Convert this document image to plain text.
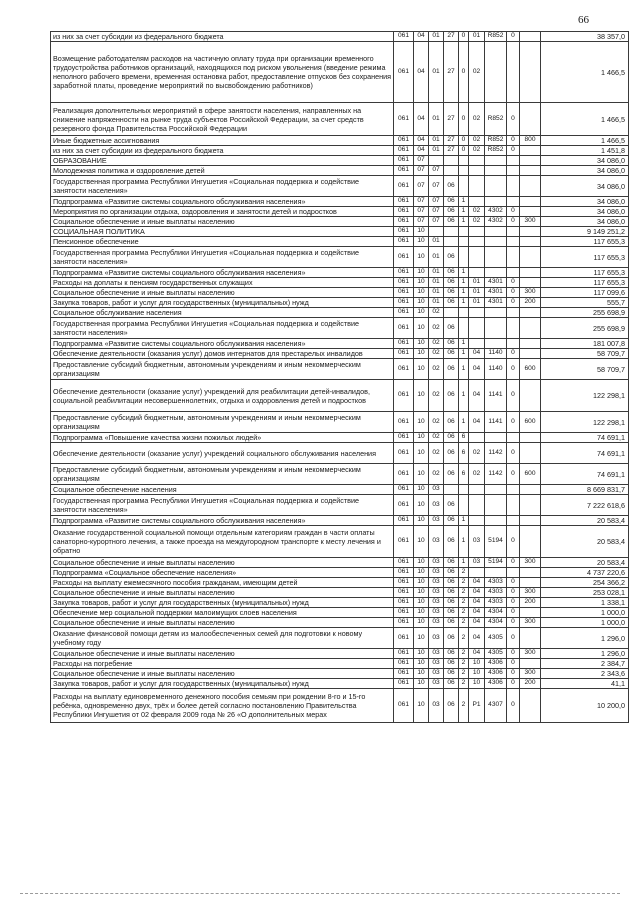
66
из них за счет субсидии из федерального бюджета	061	04	01	27	0	01	R852	0		38 357,0
Возмещение работодателям расходов на частичную оплату труда при организации временного трудоустройства работников организаций, находящихся под риском увольнения (введение режима неполного рабочего времени, временная остановка работ, предоставление отпусков без сохранения заработной платы, проведение мероприятий по высвобождению работников)	061	04	01	27	0	02				1 466,5
Реализация дополнительных мероприятий в сфере занятости населения, направленных на снижение напряженности на рынке труда субъектов Российской Федерации, за счет средств резервного фонда Правительства Российской Федерации	061	04	01	27	0	02	R852	0		1 466,5
Иные бюджетные ассигнования	061	04	01	27	0	02	R852	0	800	1 466,5
из них за счет субсидии из федерального бюджета	061	04	01	27	0	02	R852	0		1 451,8
ОБРАЗОВАНИЕ	061	07								34 086,0
Молодежная политика и оздоровление детей	061	07	07							34 086,0
Государственная программа Республики Ингушетия «Социальная поддержка и содействие занятости населения»	061	07	07	06						34 086,0
Подпрограмма «Развитие системы социального обслуживания населения»	061	07	07	06	1					34 086,0
Мероприятия по организации отдыха, оздоровления и занятости детей и подростков	061	07	07	06	1	02	4302	0		34 086,0
Социальное обеспечение и иные выплаты населению	061	07	07	06	1	02	4302	0	300	34 086,0
СОЦИАЛЬНАЯ ПОЛИТИКА	061	10								9 149 251,2
Пенсионное обеспечение	061	10	01							117 655,3
Государственная программа Республики Ингушетия «Социальная поддержка и содействие занятости населения»	061	10	01	06						117 655,3
Подпрограмма «Развитие системы социального обслуживания населения»	061	10	01	06	1					117 655,3
Расходы на доплаты к пенсиям государственных служащих	061	10	01	06	1	01	4301	0		117 655,3
Социальное обеспечение и иные выплаты населению	061	10	01	06	1	01	4301	0	300	117 099,6
Закупка товаров, работ и услуг для государственных (муниципальных) нужд	061	10	01	06	1	01	4301	0	200	555,7
Социальное обслуживание населения	061	10	02							255 698,9
Государственная программа Республики Ингушетия «Социальная поддержка и содействие занятости населения»	061	10	02	06						255 698,9
Подпрограмма «Развитие системы социального обслуживания населения»	061	10	02	06	1					181 007,8
Обеспечение деятельности (оказания услуг) домов интернатов для престарелых инвалидов	061	10	02	06	1	04	1140	0		58 709,7
Предоставление субсидий бюджетным, автономным учреждениям и иным некоммерческим организациям	061	10	02	06	1	04	1140	0	600	58 709,7
Обеспечение деятельности (оказание услуг) учреждений для реабилитации детей-инвалидов, социальной реабилитации несовершеннолетних, отдыха и оздоровления детей и подростков	061	10	02	06	1	04	1141	0		122 298,1
Предоставление субсидий бюджетным, автономным учреждениям и иным некоммерческим организациям	061	10	02	06	1	04	1141	0	600	122 298,1
Подпрограмма «Повышение качества жизни пожилых людей»	061	10	02	06	6					74 691,1
Обеспечение деятельности (оказание услуг) учреждений социального обслуживания населения	061	10	02	06	6	02	1142	0		74 691,1
Предоставление субсидий бюджетным, автономным учреждениям и иным некоммерческим организациям	061	10	02	06	6	02	1142	0	600	74 691,1
Социальное обеспечение населения	061	10	03							8 669 831,7
Государственная программа Республики Ингушетия «Социальная поддержка и содействие занятости населения»	061	10	03	06						7 222 618,6
Подпрограмма «Развитие системы социального обслуживания населения»	061	10	03	06	1					20 583,4
Оказание государственной социальной помощи отдельным категориям граждан в части оплаты санаторно-курортного лечения, а также проезда на междугородном транспорте к месту лечения и обратно	061	10	03	06	1	03	5194	0		20 583,4
Социальное обеспечение и иные выплаты населению	061	10	03	06	1	03	5194	0	300	20 583,4
Подпрограмма «Социальное обеспечение населения»	061	10	03	06	2					4 737 220,6
Расходы на выплату ежемесячного пособия гражданам, имеющим детей	061	10	03	06	2	04	4303	0		254 366,2
Социальное обеспечение и иные выплаты населению	061	10	03	06	2	04	4303	0	300	253 028,1
Закупка товаров, работ и услуг для государственных (муниципальных) нужд	061	10	03	06	2	04	4303	0	200	1 338,1
Обеспечение мер социальной поддержки малоимущих слоев населения	061	10	03	06	2	04	4304	0		1 000,0
Социальное обеспечение и иные выплаты населению	061	10	03	06	2	04	4304	0	300	1 000,0
Оказание финансовой помощи детям из малообеспеченных семей для подготовки к новому учебному году	061	10	03	06	2	04	4305	0		1 296,0
Социальное обеспечение и иные выплаты населению	061	10	03	06	2	04	4305	0	300	1 296,0
Расходы на погребение	061	10	03	06	2	10	4306	0		2 384,7
Социальное обеспечение и иные выплаты населению	061	10	03	06	2	10	4306	0	300	2 343,6
Закупка товаров, работ и услуг для государственных (муниципальных) нужд	061	10	03	06	2	10	4306	0	200	41,1
Расходы на выплату единовременного денежного пособия семьям при рождении 8-го и 15-го ребёнка, одновременно двух, трёх и более детей согласно постановлению Правительства Республики Ингушетия от 02 февраля 2009 года № 26 «О дополнительных мерах	061	10	03	06	2	P1	4307	0		10 200,0
